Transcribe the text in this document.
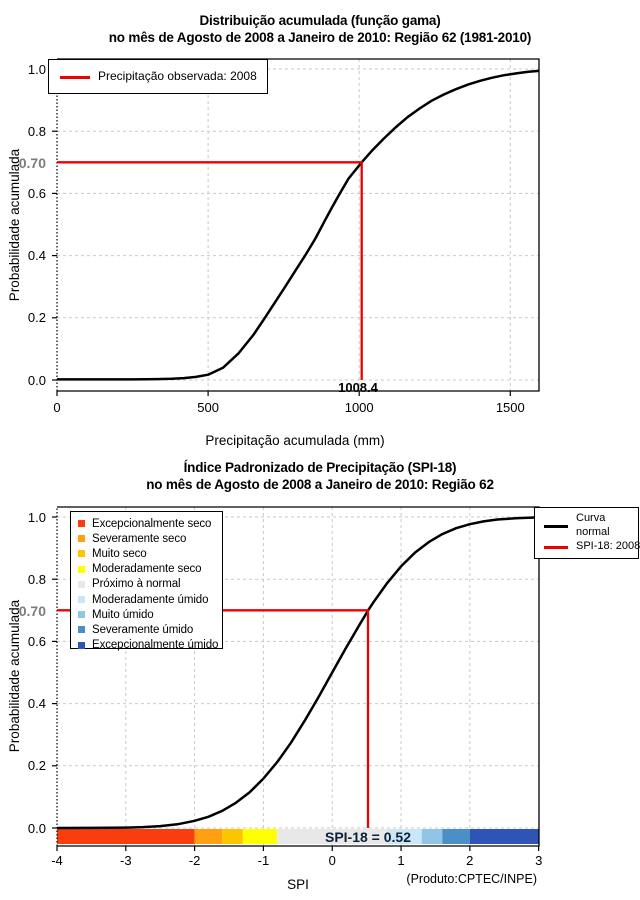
Distribuição acumulada (função gama)
no mês de Agosto de 2008 a Janeiro de 2010: Região 62 (1981-2010)
Precipitação observada: 2008
Probabilidade acumulada
Precipitação acumulada (mm)
0.70
1008.4
Índice Padronizado de Precipitação (SPI-18)
no mês de Agosto de 2008 a Janeiro de 2010: Região 62
Excepcionalmente seco
Severamente seco
Muito seco
Moderadamente seco
Próximo à normal
Moderadamente úmido
Muito úmido
Severamente úmido
Excepcionalmente úmido
Curva
normal
SPI-18: 2008
Probabilidade acumulada
SPI	(Produto:CPTEC/INPE)
0.70
SPI-18 = 0.52
0	500	1000	1500
0.0
0.2
0.4
0.6
0.8
1.0
-4	-3	-2	-1	0	1	2	3
0.0
0.2
0.4
0.6
0.8
1.0
